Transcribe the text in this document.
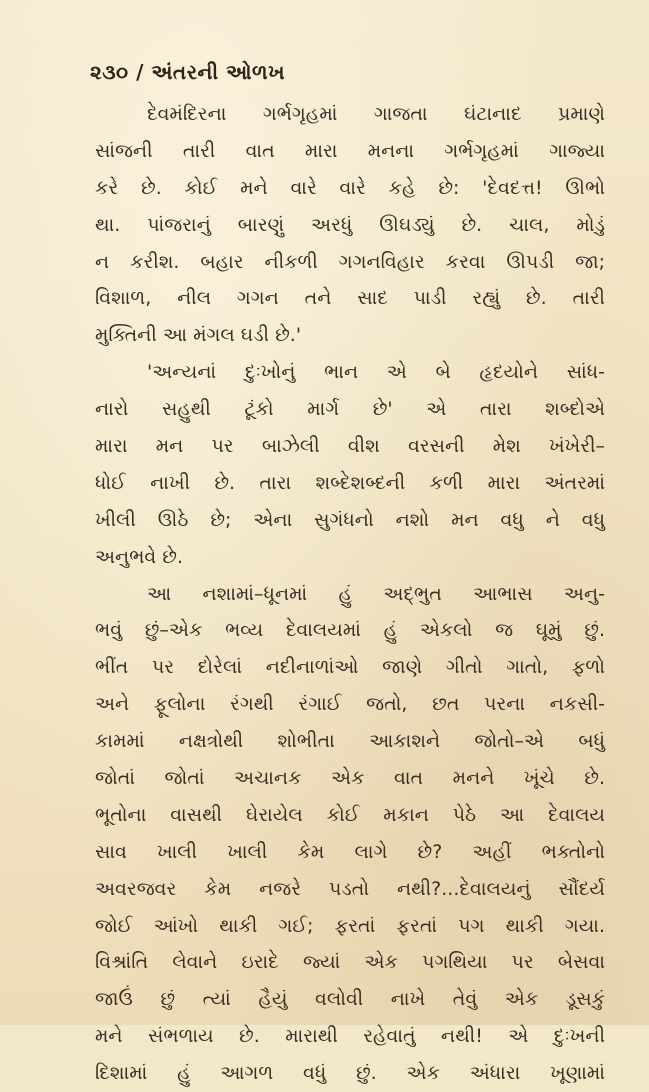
૨૩૦ / અંતરની ઓળખ
દેવમંદિરના ગર્ભગૃહમાં ગાજતા ઘંટાનાદ પ્રમાણે
સાંજની તારી વાત મારા મનના ગર્ભગૃહમાં ગાજ્યા
કરે છે. કોઈ મને વારે વારે કહે છે: 'દેવદત્ત! ઊભો
થા. પાંજરાનું બારણું અરધું ઊઘડ્યું છે. ચાલ, મોડું
ન કરીશ. બહાર નીકળી ગગનવિહાર કરવા ઊપડી જા;
વિશાળ, નીલ ગગન તને સાદ પાડી રહ્યું છે. તારી
મુક્તિની આ મંગલ ઘડી છે.'
'અન્યનાં દુઃખોનું ભાન એ બે હૃદયોને સાંધ-
નારો સહુથી ટૂંકો માર્ગ છે' એ તારા શબ્દોએ
મારા મન પર બાઝેલી વીશ વરસની મેશ ખંખેરી–
ધોઈ નાખી છે. તારા શબ્દેશબ્દની કળી મારા અંતરમાં
ખીલી ઊઠે છે; એના સુગંધનો નશો મન વધુ ને વધુ
અનુભવે છે.
આ નશામાં–ધૂનમાં હું અદ્ભુત આભાસ અનુ-
ભવું છું–એક ભવ્ય દેવાલયમાં હું એકલો જ ઘૂમું છું.
ભીંત પર દોરેલાં નદીનાળાંઓ જાણે ગીતો ગાતો, ફળો
અને ફૂલોના રંગથી રંગાઈ જતો, છત પરના નકસી-
કામમાં નક્ષત્રોથી શોભીતા આકાશને જોતો–એ બધું
જોતાં જોતાં અચાનક એક વાત મનને ખૂંચે છે.
ભૂતોના વાસથી ઘેરાયેલ કોઈ મકાન પેઠે આ દેવાલય
સાવ ખાલી ખાલી કેમ લાગે છે? અહીં ભક્તોનો
અવરજવર કેમ નજરે પડતો નથી?...દેવાલયનું સૌંદર્ય
જોઈ આંખો થાકી ગઈ; ફરતાં ફરતાં પગ થાકી ગયા.
વિશ્રાંતિ લેવાને ઇરાદે જ્યાં એક પગથિયા પર બેસવા
જાઉં છું ત્યાં હૈયું વલોવી નાખે તેવું એક ડૂસકું
મને સંભળાય છે. મારાથી રહેવાતું નથી! એ દુઃખની
દિશામાં હું આગળ વધું છું. એક અંધારા ખૂણામાં
